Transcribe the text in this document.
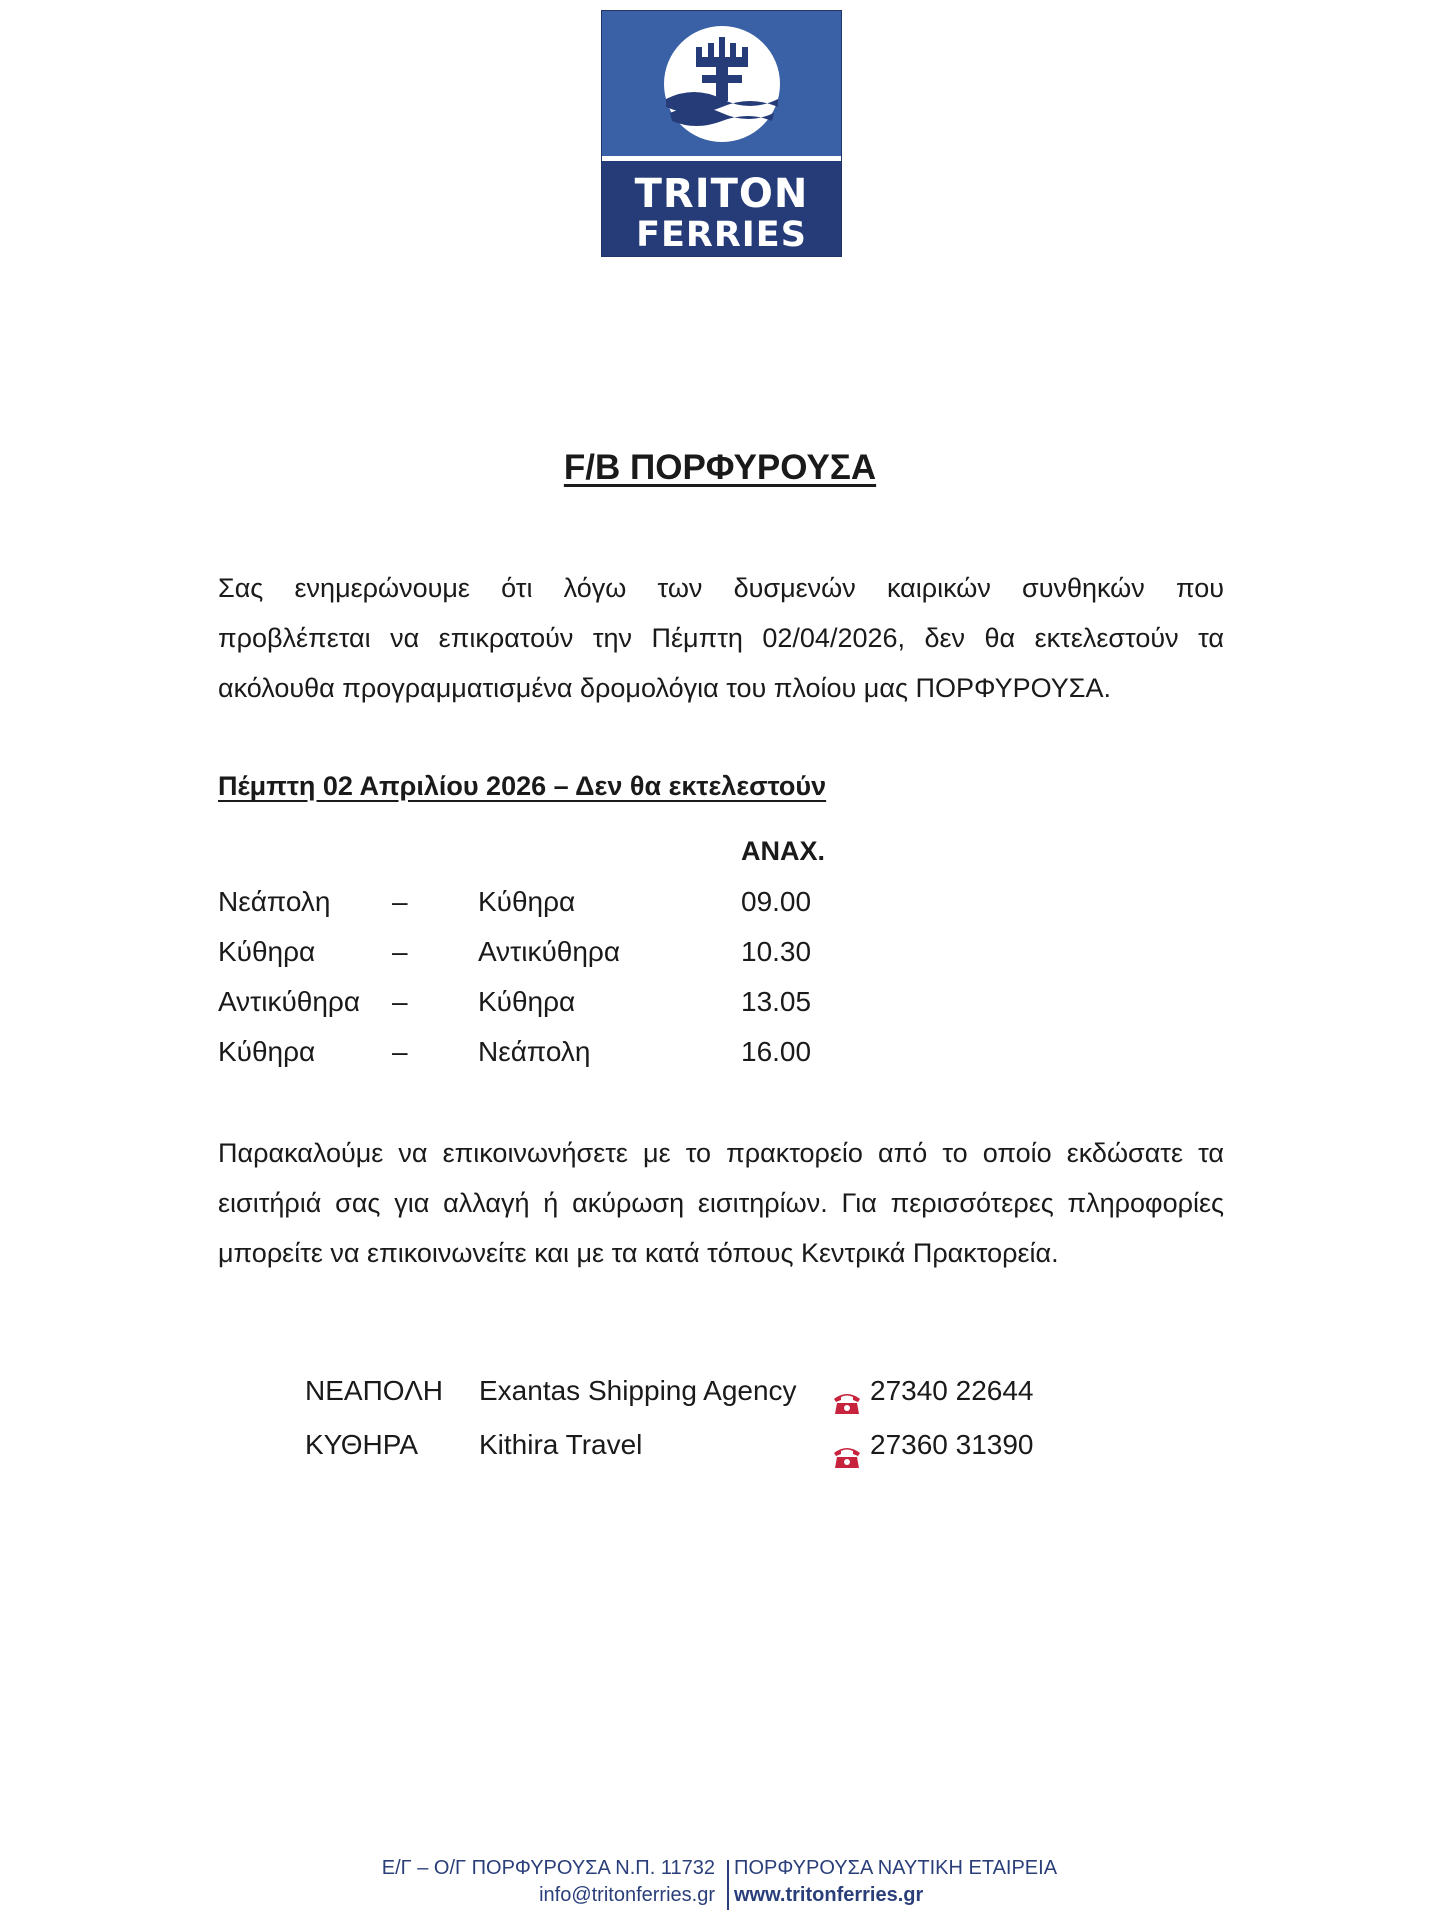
TRITON
FERRIES
F/B ΠΟΡΦΥΡΟΥΣΑ
Σας ενημερώνουμε ότι λόγω των δυσμενών καιρικών συνθηκών που
προβλέπεται να επικρατούν την Πέμπτη 02/04/2026, δεν θα εκτελεστούν τα
ακόλουθα προγραμματισμένα δρομολόγια του πλοίου μας ΠΟΡΦΥΡΟΥΣΑ.
Πέμπτη 02 Απριλίου 2026 – Δεν θα εκτελεστούν
ΑΝΑΧ.
Νεάπολη –	Κύθηρα	09.00
Κύθηρα	–	Αντικύθηρα	10.30
Αντικύθηρα –	Κύθηρα	13.05
Κύθηρα	–	Νεάπολη	16.00
Παρακαλούμε να επικοινωνήσετε με το πρακτορείο από το οποίο εκδώσατε τα
εισιτήριά σας για αλλαγή ή ακύρωση εισιτηρίων. Για περισσότερες πληροφορίες
μπορείτε να επικοινωνείτε και με τα κατά τόπους Κεντρικά Πρακτορεία.
ΝΕΑΠΟΛΗ Exantas Shipping Agency	27340 22644
ΚΥΘΗΡΑ Kithira Travel	27360 31390
Ε/Γ – Ο/Γ ΠΟΡΦΥΡΟΥΣΑ Ν.Π. 11732
info@tritonferries.gr
ΠΟΡΦΥΡΟΥΣΑ ΝΑΥΤΙΚΗ ΕΤΑΙΡΕΙΑ
www.tritonferries.gr
